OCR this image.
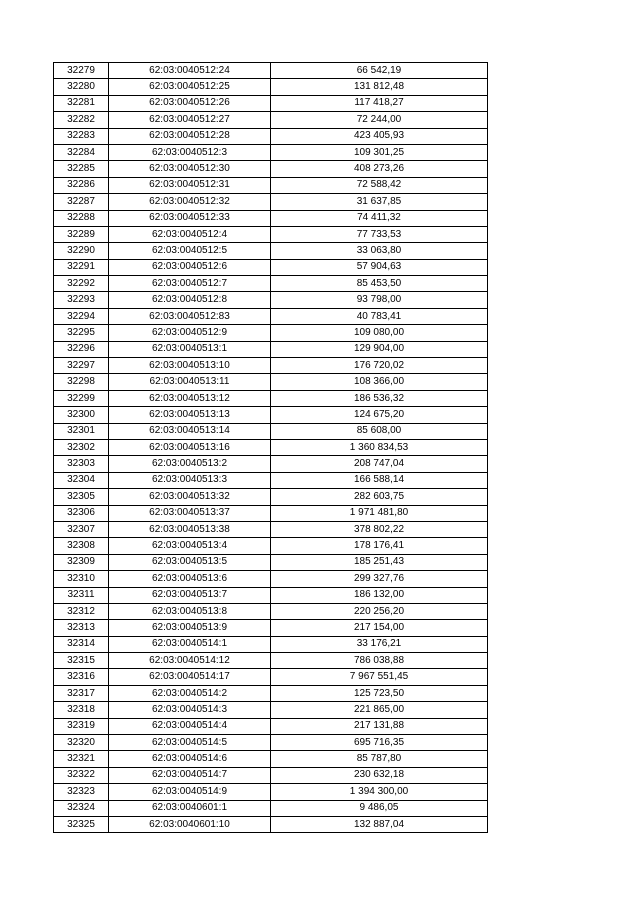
32279	62:03:0040512:24	66 542,19
32280	62:03:0040512:25	131 812,48
32281	62:03:0040512:26	117 418,27
32282	62:03:0040512:27	72 244,00
32283	62:03:0040512:28	423 405,93
32284	62:03:0040512:3	109 301,25
32285	62:03:0040512:30	408 273,26
32286	62:03:0040512:31	72 588,42
32287	62:03:0040512:32	31 637,85
32288	62:03:0040512:33	74 411,32
32289	62:03:0040512:4	77 733,53
32290	62:03:0040512:5	33 063,80
32291	62:03:0040512:6	57 904,63
32292	62:03:0040512:7	85 453,50
32293	62:03:0040512:8	93 798,00
32294	62:03:0040512:83	40 783,41
32295	62:03:0040512:9	109 080,00
32296	62:03:0040513:1	129 904,00
32297	62:03:0040513:10	176 720,02
32298	62:03:0040513:11	108 366,00
32299	62:03:0040513:12	186 536,32
32300	62:03:0040513:13	124 675,20
32301	62:03:0040513:14	85 608,00
32302	62:03:0040513:16	1 360 834,53
32303	62:03:0040513:2	208 747,04
32304	62:03:0040513:3	166 588,14
32305	62:03:0040513:32	282 603,75
32306	62:03:0040513:37	1 971 481,80
32307	62:03:0040513:38	378 802,22
32308	62:03:0040513:4	178 176,41
32309	62:03:0040513:5	185 251,43
32310	62:03:0040513:6	299 327,76
32311	62:03:0040513:7	186 132,00
32312	62:03:0040513:8	220 256,20
32313	62:03:0040513:9	217 154,00
32314	62:03:0040514:1	33 176,21
32315	62:03:0040514:12	786 038,88
32316	62:03:0040514:17	7 967 551,45
32317	62:03:0040514:2	125 723,50
32318	62:03:0040514:3	221 865,00
32319	62:03:0040514:4	217 131,88
32320	62:03:0040514:5	695 716,35
32321	62:03:0040514:6	85 787,80
32322	62:03:0040514:7	230 632,18
32323	62:03:0040514:9	1 394 300,00
32324	62:03:0040601:1	9 486,05
32325	62:03:0040601:10	132 887,04
